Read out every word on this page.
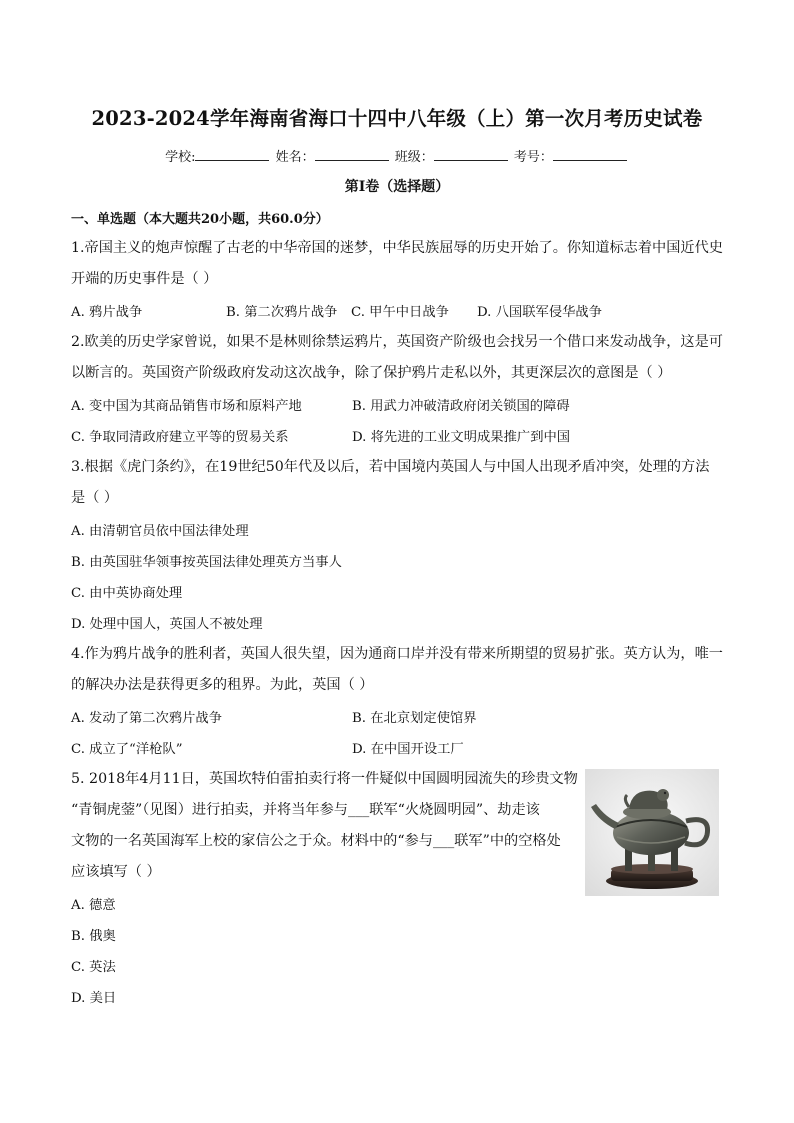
2023-2024学年海南省海口十四中八年级（上）第一次月考历史试卷
学校:	姓名：	班级：	考号：
第Ⅰ卷（选择题）
一、单选题（本大题共20小题，共60.0分）
1.帝国主义的炮声惊醒了古老的中华帝国的迷梦，中华民族屈辱的历史开始了。你知道标志着中国近代史
开端的历史事件是（ ）
A. 鸦片战争	B. 第二次鸦片战争 C. 甲午中日战争 D. 八国联军侵华战争
2.欧美的历史学家曾说，如果不是林则徐禁运鸦片，英国资产阶级也会找另一个借口来发动战争，这是可
以断言的。英国资产阶级政府发动这次战争，除了保护鸦片走私以外，其更深层次的意图是（ ）
A. 变中国为其商品销售市场和原料产地	B. 用武力冲破清政府闭关锁国的障碍
C. 争取同清政府建立平等的贸易关系	D. 将先进的工业文明成果推广到中国
3.根据《虎门条约》，在19世纪50年代及以后，若中国境内英国人与中国人出现矛盾冲突，处理的方法
是（ ）
A. 由清朝官员依中国法律处理
B. 由英国驻华领事按英国法律处理英方当事人
C. 由中英协商处理
D. 处理中国人，英国人不被处理
4.作为鸦片战争的胜利者，英国人很失望，因为通商口岸并没有带来所期望的贸易扩张。英方认为，唯一
的解决办法是获得更多的租界。为此，英国（ ）
A. 发动了第二次鸦片战争	B. 在北京划定使馆界
C. 成立了“洋枪队”	D. 在中国开设工厂
5. 2018年4月11日，英国坎特伯雷拍卖行将一件疑似中国圆明园流失的珍贵文物
“青铜虎蓥”（见图）进行拍卖，并将当年参与___联军“火烧圆明园”、劫走该
文物的一名英国海军上校的家信公之于众。材料中的“参与___联军”中的空格处
应该填写（ ）
A. 德意
B. 俄奥
C. 英法
D. 美日
